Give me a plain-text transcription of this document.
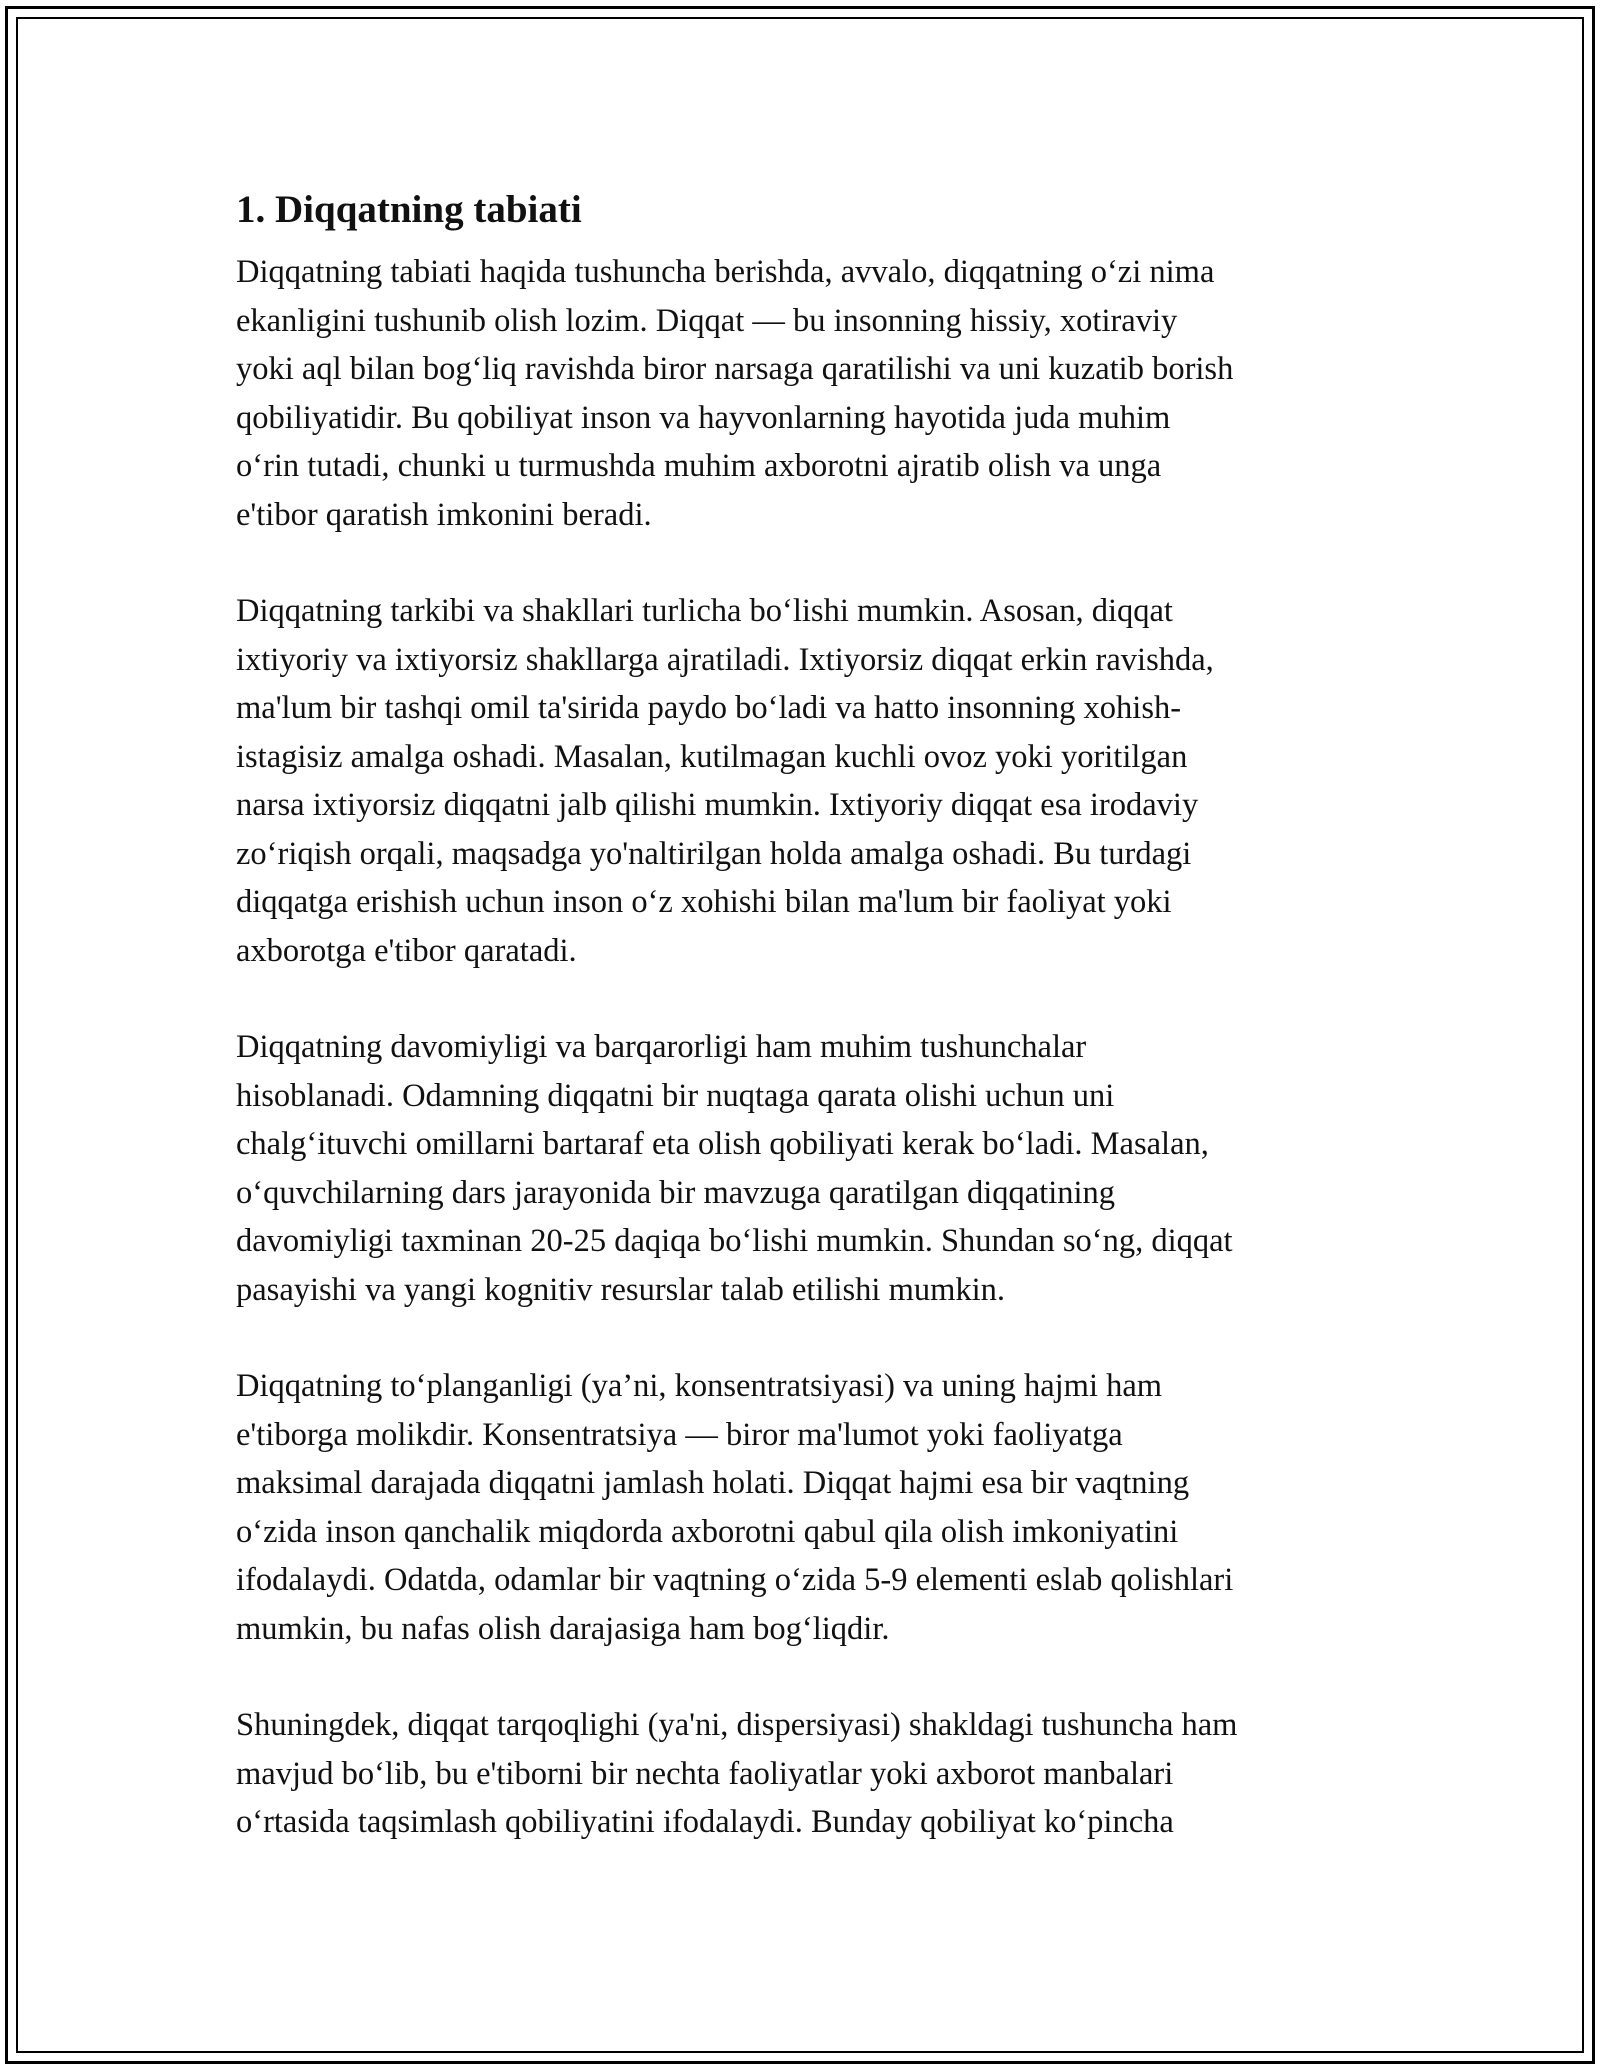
1. Diqqatning tabiati
Diqqatning tabiati haqida tushuncha berishda, avvalo, diqqatning o‘zi nima
ekanligini tushunib olish lozim. Diqqat — bu insonning hissiy, xotiraviy
yoki aql bilan bog‘liq ravishda biror narsaga qaratilishi va uni kuzatib borish
qobiliyatidir. Bu qobiliyat inson va hayvonlarning hayotida juda muhim
o‘rin tutadi, chunki u turmushda muhim axborotni ajratib olish va unga
e'tibor qaratish imkonini beradi.
Diqqatning tarkibi va shakllari turlicha bo‘lishi mumkin. Asosan, diqqat
ixtiyoriy va ixtiyorsiz shakllarga ajratiladi. Ixtiyorsiz diqqat erkin ravishda,
ma'lum bir tashqi omil ta'sirida paydo bo‘ladi va hatto insonning xohish-
istagisiz amalga oshadi. Masalan, kutilmagan kuchli ovoz yoki yoritilgan
narsa ixtiyorsiz diqqatni jalb qilishi mumkin. Ixtiyoriy diqqat esa irodaviy
zo‘riqish orqali, maqsadga yo'naltirilgan holda amalga oshadi. Bu turdagi
diqqatga erishish uchun inson o‘z xohishi bilan ma'lum bir faoliyat yoki
axborotga e'tibor qaratadi.
Diqqatning davomiyligi va barqarorligi ham muhim tushunchalar
hisoblanadi. Odamning diqqatni bir nuqtaga qarata olishi uchun uni
chalg‘ituvchi omillarni bartaraf eta olish qobiliyati kerak bo‘ladi. Masalan,
o‘quvchilarning dars jarayonida bir mavzuga qaratilgan diqqatining
davomiyligi taxminan 20-25 daqiqa bo‘lishi mumkin. Shundan so‘ng, diqqat
pasayishi va yangi kognitiv resurslar talab etilishi mumkin.
Diqqatning to‘planganligi (ya’ni, konsentratsiyasi) va uning hajmi ham
e'tiborga molikdir. Konsentratsiya — biror ma'lumot yoki faoliyatga
maksimal darajada diqqatni jamlash holati. Diqqat hajmi esa bir vaqtning
o‘zida inson qanchalik miqdorda axborotni qabul qila olish imkoniyatini
ifodalaydi. Odatda, odamlar bir vaqtning o‘zida 5-9 elementi eslab qolishlari
mumkin, bu nafas olish darajasiga ham bog‘liqdir.
Shuningdek, diqqat tarqoqlighi (ya'ni, dispersiyasi) shakldagi tushuncha ham
mavjud bo‘lib, bu e'tiborni bir nechta faoliyatlar yoki axborot manbalari
o‘rtasida taqsimlash qobiliyatini ifodalaydi. Bunday qobiliyat ko‘pincha
